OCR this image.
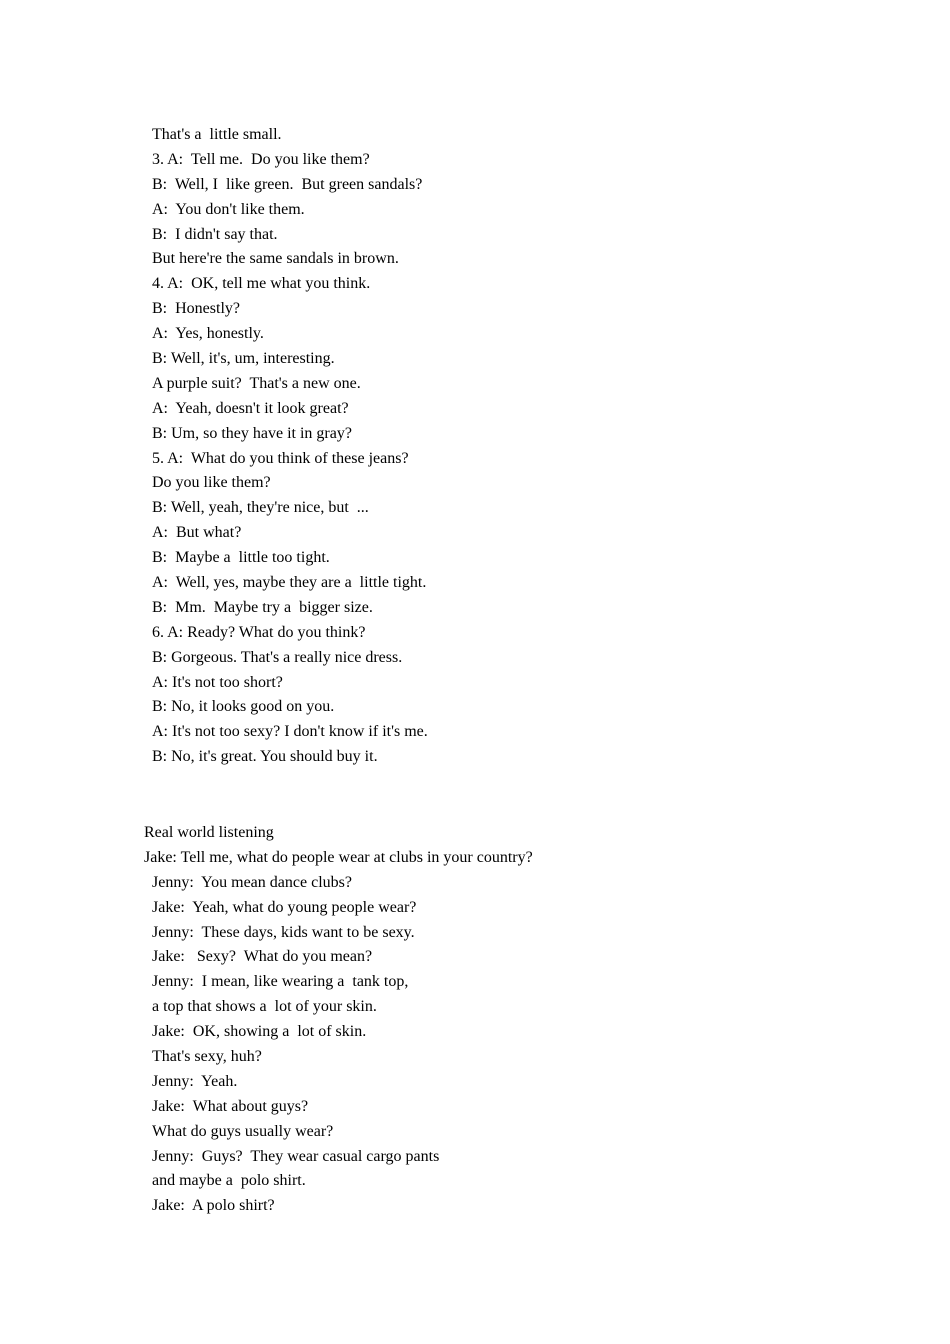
That's a  little small.
3. A:  Tell me.  Do you like them?
B:  Well, I  like green.  But green sandals?
A:  You don't like them.
B:  I didn't say that.
But here're the same sandals in brown.
4. A:  OK, tell me what you think.
B:  Honestly?
A:  Yes, honestly.
B: Well, it's, um, interesting.
A purple suit?  That's a new one.
A:  Yeah, doesn't it look great?
B: Um, so they have it in gray?
5. A:  What do you think of these jeans?
Do you like them?
B: Well, yeah, they're nice, but  ...
A:  But what?
B:  Maybe a  little too tight.
A:  Well, yes, maybe they are a  little tight.
B:  Mm.  Maybe try a  bigger size.
6. A: Ready? What do you think?
B: Gorgeous. That's a really nice dress.
A: It's not too short?
B: No, it looks good on you.
A: It's not too sexy? I don't know if it's me.
B: No, it's great. You should buy it.
Real world listening
Jake: Tell me, what do people wear at clubs in your country?
Jenny:  You mean dance clubs?
Jake:  Yeah, what do young people wear?
Jenny:  These days, kids want to be sexy.
Jake:   Sexy?  What do you mean?
Jenny:  I mean, like wearing a  tank top,
a top that shows a  lot of your skin.
Jake:  OK, showing a  lot of skin.
That's sexy, huh?
Jenny:  Yeah.
Jake:  What about guys?
What do guys usually wear?
Jenny:  Guys?  They wear casual cargo pants
and maybe a  polo shirt.
Jake:  A polo shirt?
